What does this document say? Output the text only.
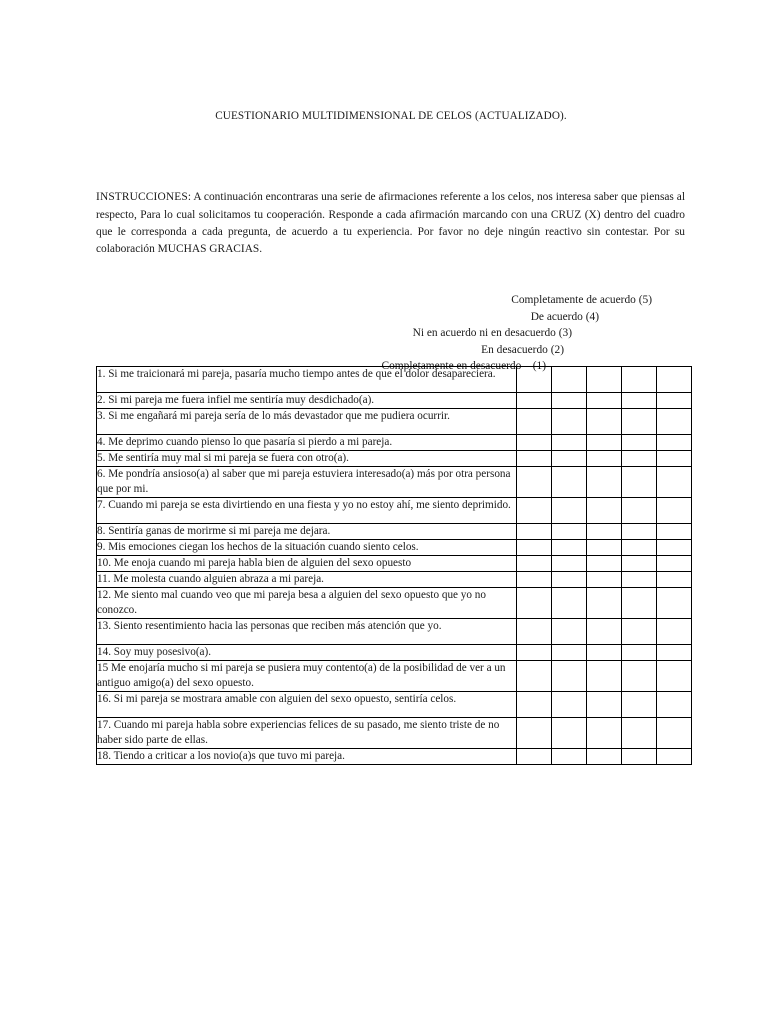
CUESTIONARIO MULTIDIMENSIONAL DE CELOS (ACTUALIZADO).

INSTRUCCIONES: A continuación encontraras una serie de afirmaciones referente a los celos, nos interesa saber que piensas al respecto, Para lo cual solicitamos tu cooperación. Responde a cada afirmación marcando con una CRUZ (X) dentro del cuadro que le corresponda a cada pregunta, de acuerdo a tu experiencia. Por favor no deje ningún reactivo sin contestar. Por su colaboración MUCHAS GRACIAS.

Completamente de acuerdo (5)
De acuerdo (4)
Ni en acuerdo ni en desacuerdo (3)
En desacuerdo (2)
Completamente en desacuerdo    (1)
1. Si me traicionará mi pareja, pasaría mucho tiempo antes de que el dolor desapareciera.					
2. Si mi pareja me fuera infiel me sentiría muy desdichado(a).					
3. Si me engañará mi pareja sería de lo más devastador que me pudiera ocurrir.					
4. Me deprimo cuando pienso lo que pasaría si pierdo a mi pareja.					
5. Me sentiría muy mal si mi pareja se fuera con otro(a).					
6. Me pondría ansioso(a) al saber que mi pareja estuviera interesado(a) más por otra persona que por mi.					
7. Cuando mi pareja se esta divirtiendo en una fiesta y yo no estoy ahí, me siento deprimido.					
8. Sentiría ganas de morirme si mi pareja me dejara.					
9. Mis emociones ciegan los hechos de la situación cuando siento celos.					
10. Me enoja cuando mi pareja habla bien de alguien del sexo opuesto					
11. Me molesta cuando alguien abraza a mi pareja.					
12. Me siento mal cuando veo que mi pareja besa a alguien del sexo opuesto que yo no conozco.					
13. Siento resentimiento hacia las personas que reciben más atención que yo.					
14. Soy muy posesivo(a).					
15 Me enojaría mucho si mi pareja se pusiera muy contento(a) de la posibilidad de ver a un antiguo amigo(a) del sexo opuesto.					
16. Si mi pareja se mostrara amable con alguien del sexo opuesto, sentiría celos.					
17. Cuando mi pareja habla sobre experiencias felices de su pasado, me siento triste de no haber sido parte de ellas.					
18. Tiendo a criticar a los novio(a)s que tuvo mi pareja.					
